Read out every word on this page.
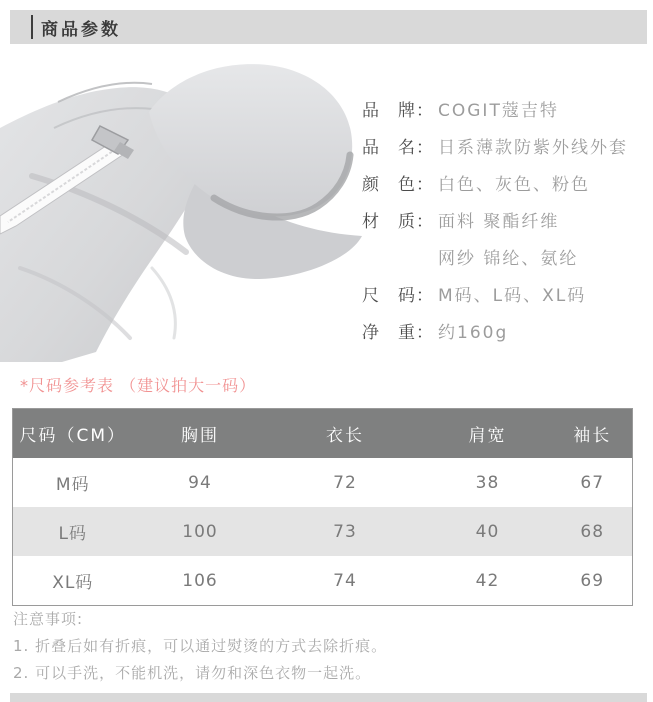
商品参数
品　牌： COGIT蔻吉特
品　名： 日系薄款防紫外线外套
颜　色： 白色、灰色、粉色
材　质： 面料 聚酯纤维
网纱 锦纶、氨纶
尺　码： M码、L码、XL码
净　重： 约160g
*尺码参考表 （建议拍大一码）
尺码（CM）	胸围	衣长	肩宽	袖长
M码	94	72	38	67
L码	100	73	40	68
XL码	106	74	42	69
注意事项:
1. 折叠后如有折痕，可以通过熨烫的方式去除折痕。
2. 可以手洗，不能机洗，请勿和深色衣物一起洗。
